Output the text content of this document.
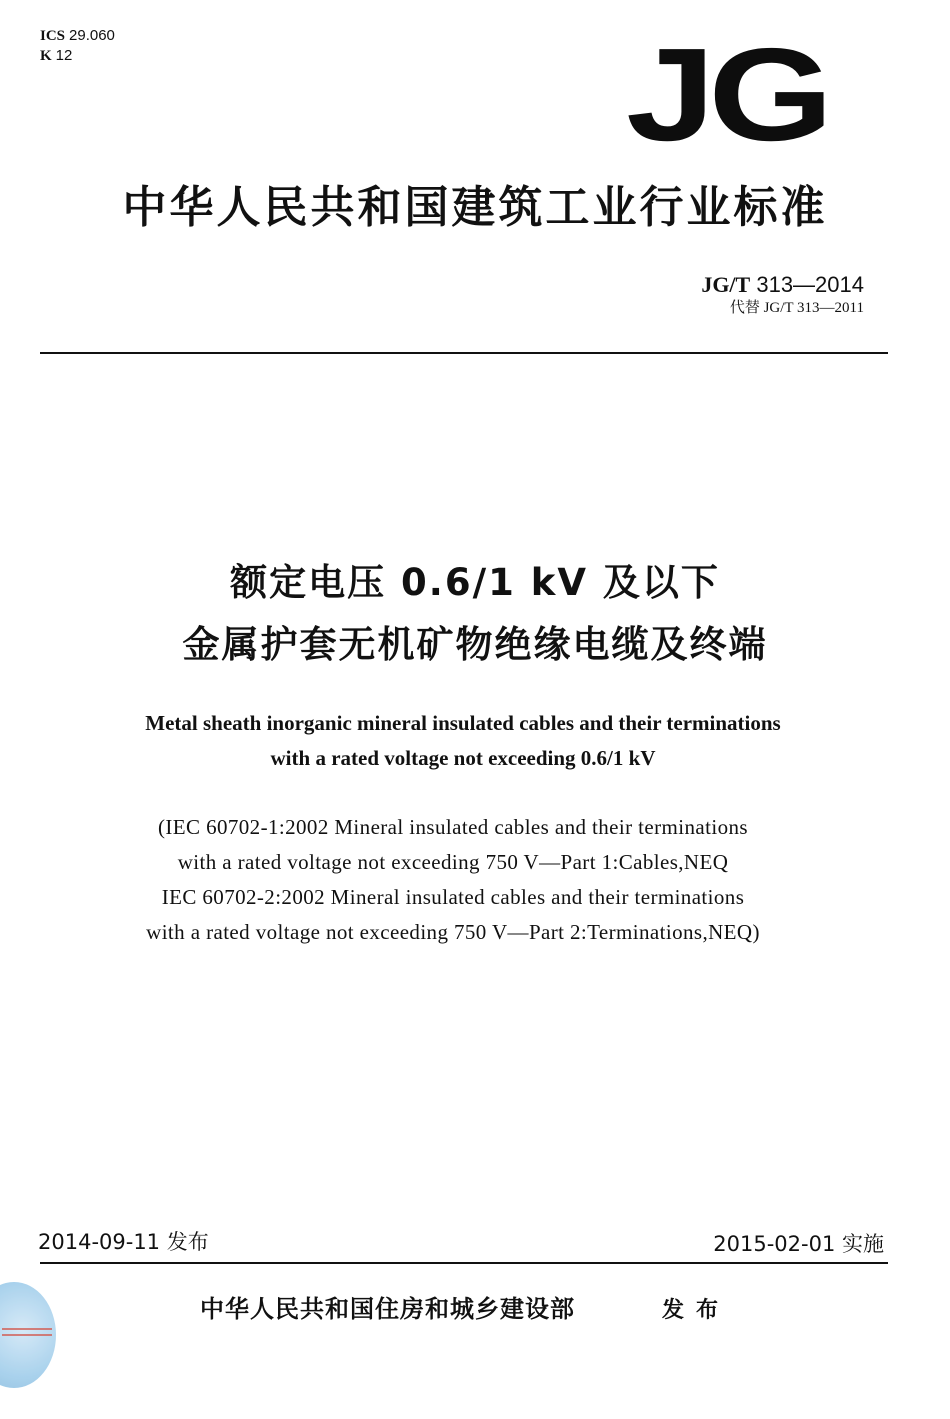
ICS 29.060
K 12	JG
中华人民共和国建筑工业行业标准
JG/T 313—2014
代替 JG/T 313—2011
额定电压 0.6/1 kV 及以下
金属护套无机矿物绝缘电缆及终端
Metal sheath inorganic mineral insulated cables and their terminations
with a rated voltage not exceeding 0.6/1 kV
(IEC 60702-1:2002 Mineral insulated cables and their terminations
with a rated voltage not exceeding 750 V—Part 1:Cables,NEQ
IEC 60702-2:2002 Mineral insulated cables and their terminations
with a rated voltage not exceeding 750 V—Part 2:Terminations,NEQ)
2014-09-11 发布	2015-02-01 实施
中华人民共和国住房和城乡建设部	发布
